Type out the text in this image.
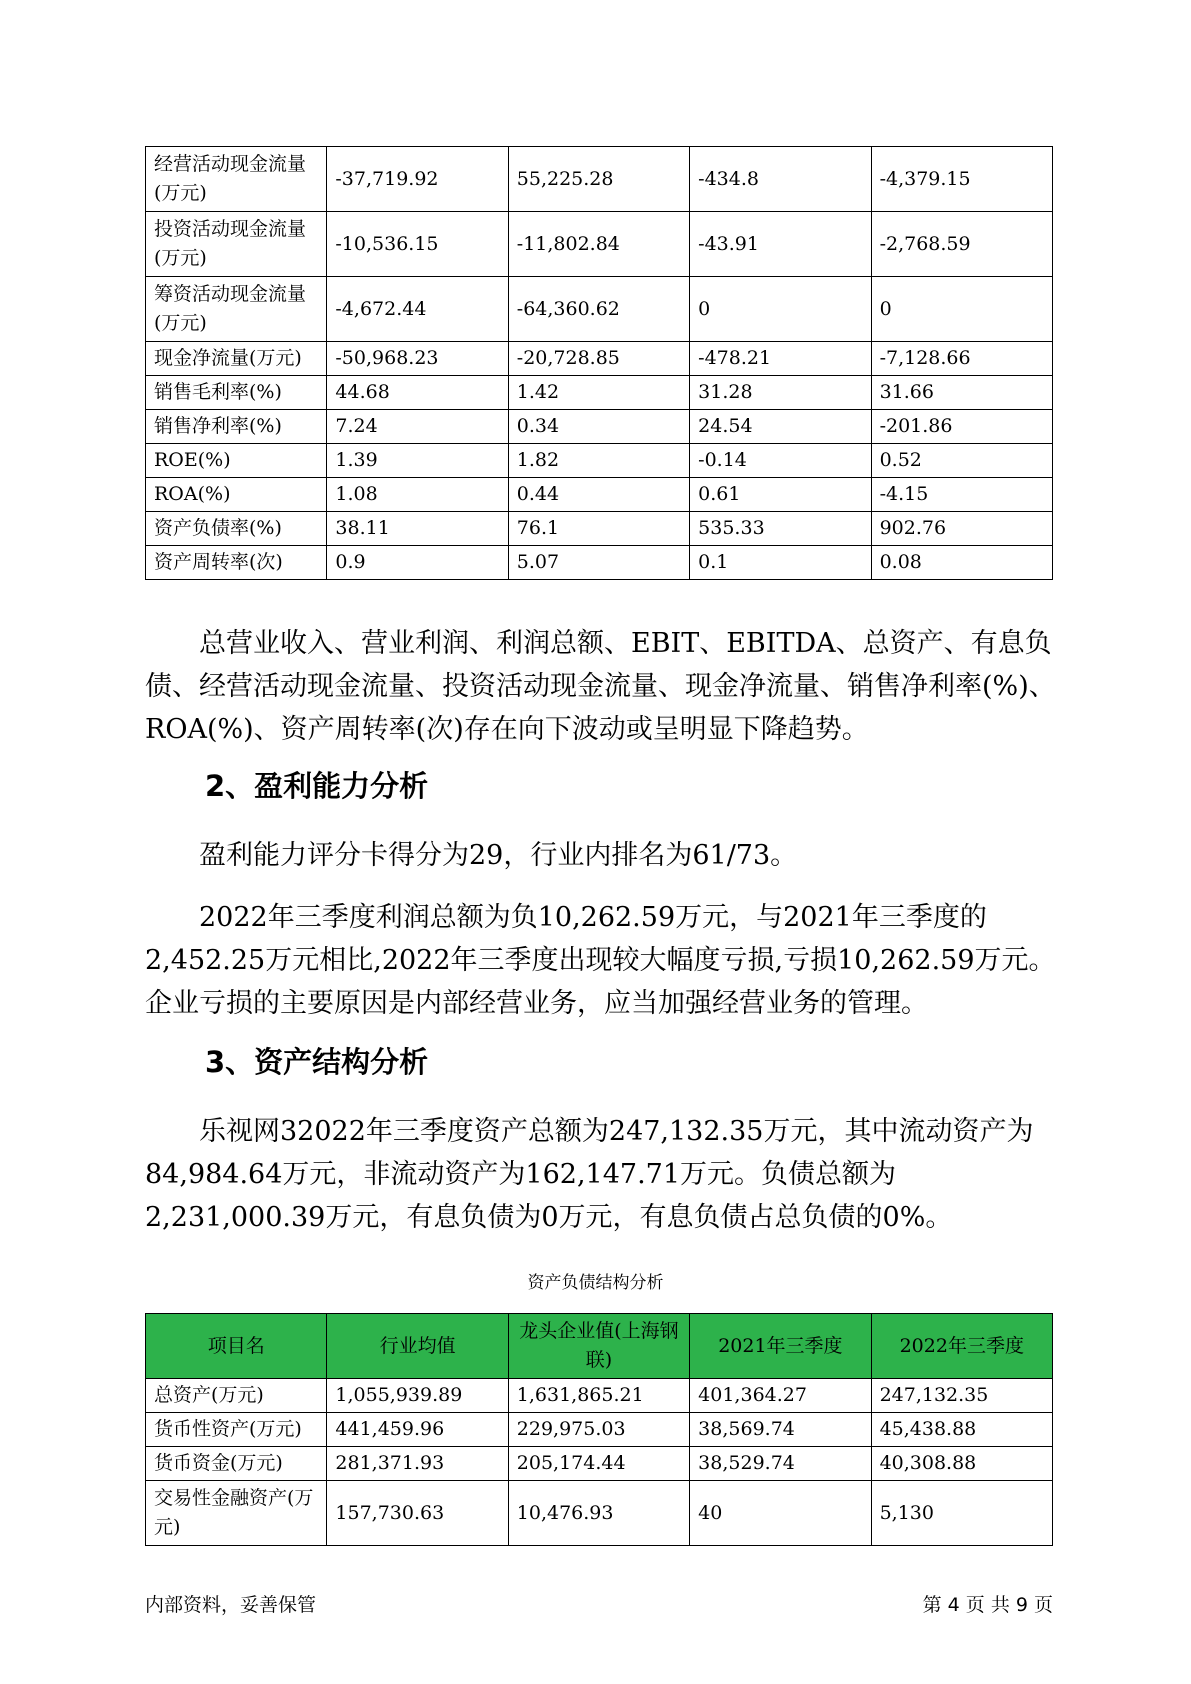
经营活动现金流量(万元)	-37,719.92	55,225.28	-434.8	-4,379.15
投资活动现金流量(万元)	-10,536.15	-11,802.84	-43.91	-2,768.59
筹资活动现金流量(万元)	-4,672.44	-64,360.62	0	0
现金净流量(万元)	-50,968.23	-20,728.85	-478.21	-7,128.66
销售毛利率(%)	44.68	1.42	31.28	31.66
销售净利率(%)	7.24	0.34	24.54	-201.86
ROE(%)	1.39	1.82	-0.14	0.52
ROA(%)	1.08	0.44	0.61	-4.15
资产负债率(%)	38.11	76.1	535.33	902.76
资产周转率(次)	0.9	5.07	0.1	0.08

总营业收入、营业利润、利润总额、EBIT、EBITDA、总资产、有息负债、经营活动现金流量、投资活动现金流量、现金净流量、销售净利率(%)、ROA(%)、资产周转率(次)存在向下波动或呈明显下降趋势。

2、盈利能力分析

盈利能力评分卡得分为29，行业内排名为61/73。

2022年三季度利润总额为负10,262.59万元，与2021年三季度的2,452.25万元相比,2022年三季度出现较大幅度亏损,亏损10,262.59万元。企业亏损的主要原因是内部经营业务，应当加强经营业务的管理。

3、资产结构分析

乐视网32022年三季度资产总额为247,132.35万元，其中流动资产为84,984.64万元，非流动资产为162,147.71万元。负债总额为2,231,000.39万元，有息负债为0万元，有息负债占总负债的0%。

资产负债结构分析
项目名	行业均值	龙头企业值(上海钢联)	2021年三季度	2022年三季度
总资产(万元)	1,055,939.89	1,631,865.21	401,364.27	247,132.35
货币性资产(万元)	441,459.96	229,975.03	38,569.74	45,438.88
货币资金(万元)	281,371.93	205,174.44	38,529.74	40,308.88
交易性金融资产(万元)	157,730.63	10,476.93	40	5,130
内部资料，妥善保管	第 4 页 共 9 页
